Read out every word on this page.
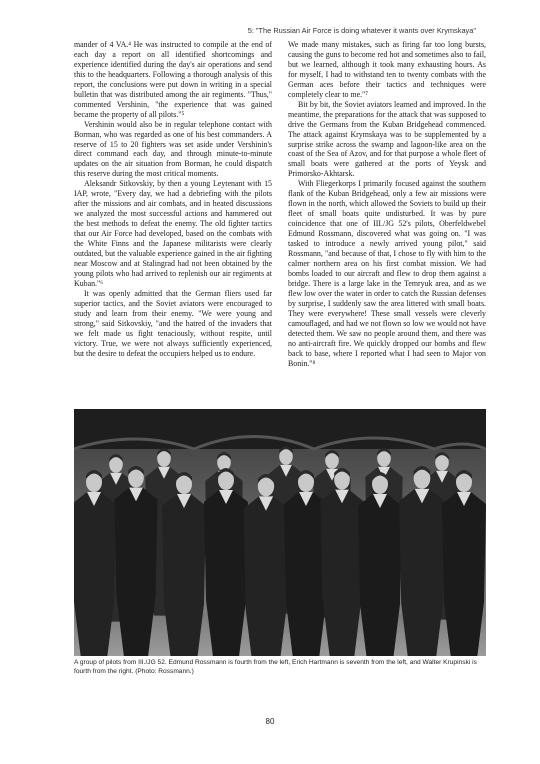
5: "The Russian Air Force is doing whatever it wants over Krymskaya"

mander of 4 VA.⁴ He was instructed to compile at the end of each day a report on all identified shortcomings and experience identified during the day's air operations and send this to the headquarters. Following a thorough analysis of this report, the conclusions were put down in writing in a special bulletin that was distributed among the air regiments. "Thus," commented Vershinin, "the experience that was gained became the property of all pilots."⁵

Vershinin would also be in regular telephone contact with Borman, who was regarded as one of his best commanders. A reserve of 15 to 20 fighters was set aside under Vershinin's direct command each day, and through minute-to-minute updates on the air situation from Borman, he could dispatch this reserve during the most critical moments.

Aleksandr Sitkovskiy, by then a young Leytenant with 15 IAP, wrote, "Every day, we had a debriefing with the pilots after the missions and air combats, and in heated discussions we analyzed the most successful actions and hammered out the best methods to defeat the enemy. The old fighter tactics that our Air Force had developed, based on the combats with the White Finns and the Japanese militarists were clearly outdated, but the valuable experience gained in the air fighting near Moscow and at Stalingrad had not been obtained by the young pilots who had arrived to replenish our air regiments at Kuban."⁶

It was openly admitted that the German fliers used far superior tactics, and the Soviet aviators were encouraged to study and learn from their enemy. "We were young and strong," said Sitkovskiy, "and the hatred of the invaders that we felt made us fight tenaciously, without respite, until victory. True, we were not always sufficiently experienced, but the desire to defeat the occupiers helped us to endure.

We made many mistakes, such as firing far too long bursts, causing the guns to become red hot and sometimes also to fail, but we learned, although it took many exhausting hours. As for myself, I had to withstand ten to twenty combats with the German aces before their tactics and techniques were completely clear to me."⁷

Bit by bit, the Soviet aviators learned and improved. In the meantime, the preparations for the attack that was supposed to drive the Germans from the Kuban Bridgehead commenced. The attack against Krymskaya was to be supplemented by a surprise strike across the swamp and lagoon-like area on the coast of the Sea of Azov, and for that purpose a whole fleet of small boats were gathered at the ports of Yeysk and Primorsko-Akhtarsk.

With Fliegerkorps I primarily focused against the southern flank of the Kuban Bridgehead, only a few air missions were flown in the north, which allowed the Soviets to build up their fleet of small boats quite undisturbed. It was by pure coincidence that one of III./JG 52's pilots, Oberfeldwebel Edmund Rossmann, discovered what was going on. "I was tasked to introduce a newly arrived young pilot," said Rossmann, "and because of that, I chose to fly with him to the calmer northern area on his first combat mission. We had bombs loaded to our aircraft and flew to drop them against a bridge. There is a large lake in the Temryuk area, and as we flew low over the water in order to catch the Russian defenses by surprise, I suddenly saw the area littered with small boats. They were everywhere! These small vessels were cleverly camouflaged, and had we not flown so low we would not have detected them. We saw no people around them, and there was no anti-aircraft fire. We quickly dropped our bombs and flew back to base, where I reported what I had seen to Major von Bonin."⁸

A group of pilots from III./JG 52. Edmund Rossmann is fourth from the left, Erich Hartmann is seventh from the left, and Walter Krupinski is fourth from the right. (Photo: Rossmann.)
80
